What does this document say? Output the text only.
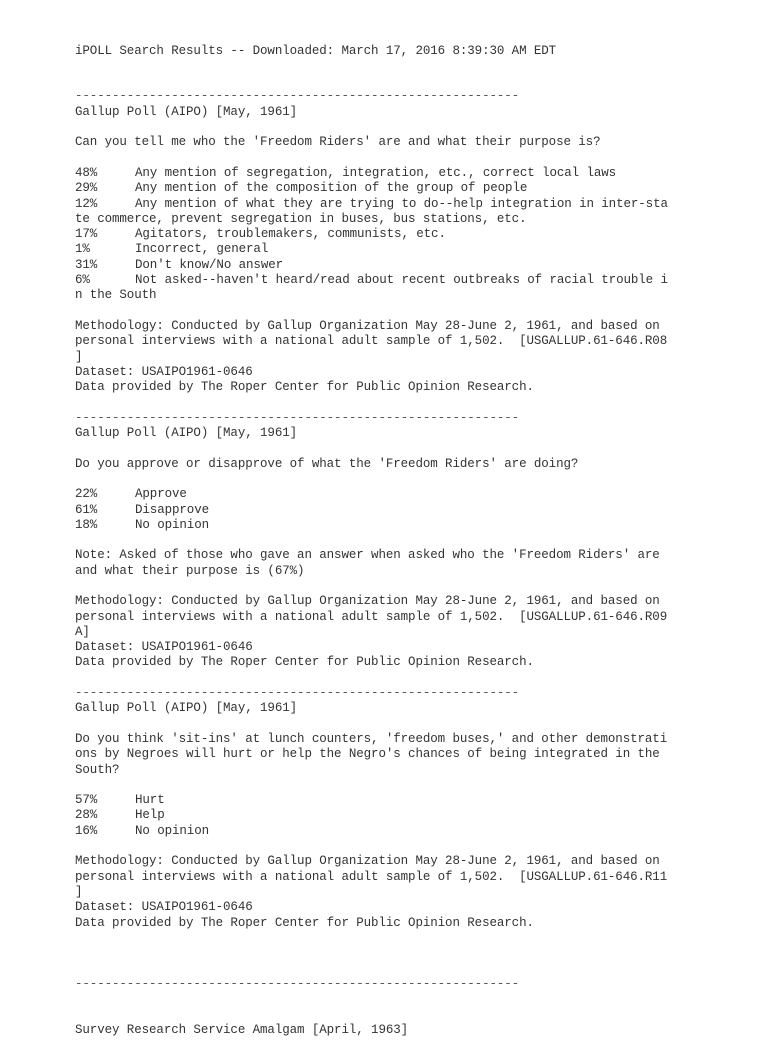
iPOLL Search Results -- Downloaded: March 17, 2016 8:39:30 AM EDT

------------------------------------------------------------
Gallup Poll (AIPO) [May, 1961]
Can you tell me who the 'Freedom Riders' are and what their purpose is?
48%	Any mention of segregation, integration, etc., correct local laws
29%	Any mention of the composition of the group of people
12%	Any mention of what they are trying to do--help integration in inter-sta
te commerce, prevent segregation in buses, bus stations, etc.
17%	Agitators, troublemakers, communists, etc.
1%	Incorrect, general
31%	Don't know/No answer
6%	Not asked--haven't heard/read about recent outbreaks of racial trouble i
n the South
Methodology: Conducted by Gallup Organization May 28-June 2, 1961, and based on
personal interviews with a national adult sample of 1,502.  [USGALLUP.61-646.R08
]
Dataset: USAIPO1961-0646
Data provided by The Roper Center for Public Opinion Research.
------------------------------------------------------------
Gallup Poll (AIPO) [May, 1961]
Do you approve or disapprove of what the 'Freedom Riders' are doing?
22%	Approve
61%	Disapprove
18%	No opinion
Note: Asked of those who gave an answer when asked who the 'Freedom Riders' are
and what their purpose is (67%)
Methodology: Conducted by Gallup Organization May 28-June 2, 1961, and based on
personal interviews with a national adult sample of 1,502.  [USGALLUP.61-646.R09
A]
Dataset: USAIPO1961-0646
Data provided by The Roper Center for Public Opinion Research.
------------------------------------------------------------
Gallup Poll (AIPO) [May, 1961]
Do you think 'sit-ins' at lunch counters, 'freedom buses,' and other demonstrati
ons by Negroes will hurt or help the Negro's chances of being integrated in the
South?
57%	Hurt
28%	Help
16%	No opinion
Methodology: Conducted by Gallup Organization May 28-June 2, 1961, and based on
personal interviews with a national adult sample of 1,502.  [USGALLUP.61-646.R11
]
Dataset: USAIPO1961-0646
Data provided by The Roper Center for Public Opinion Research.

------------------------------------------------------------

Survey Research Service Amalgam [April, 1963]
